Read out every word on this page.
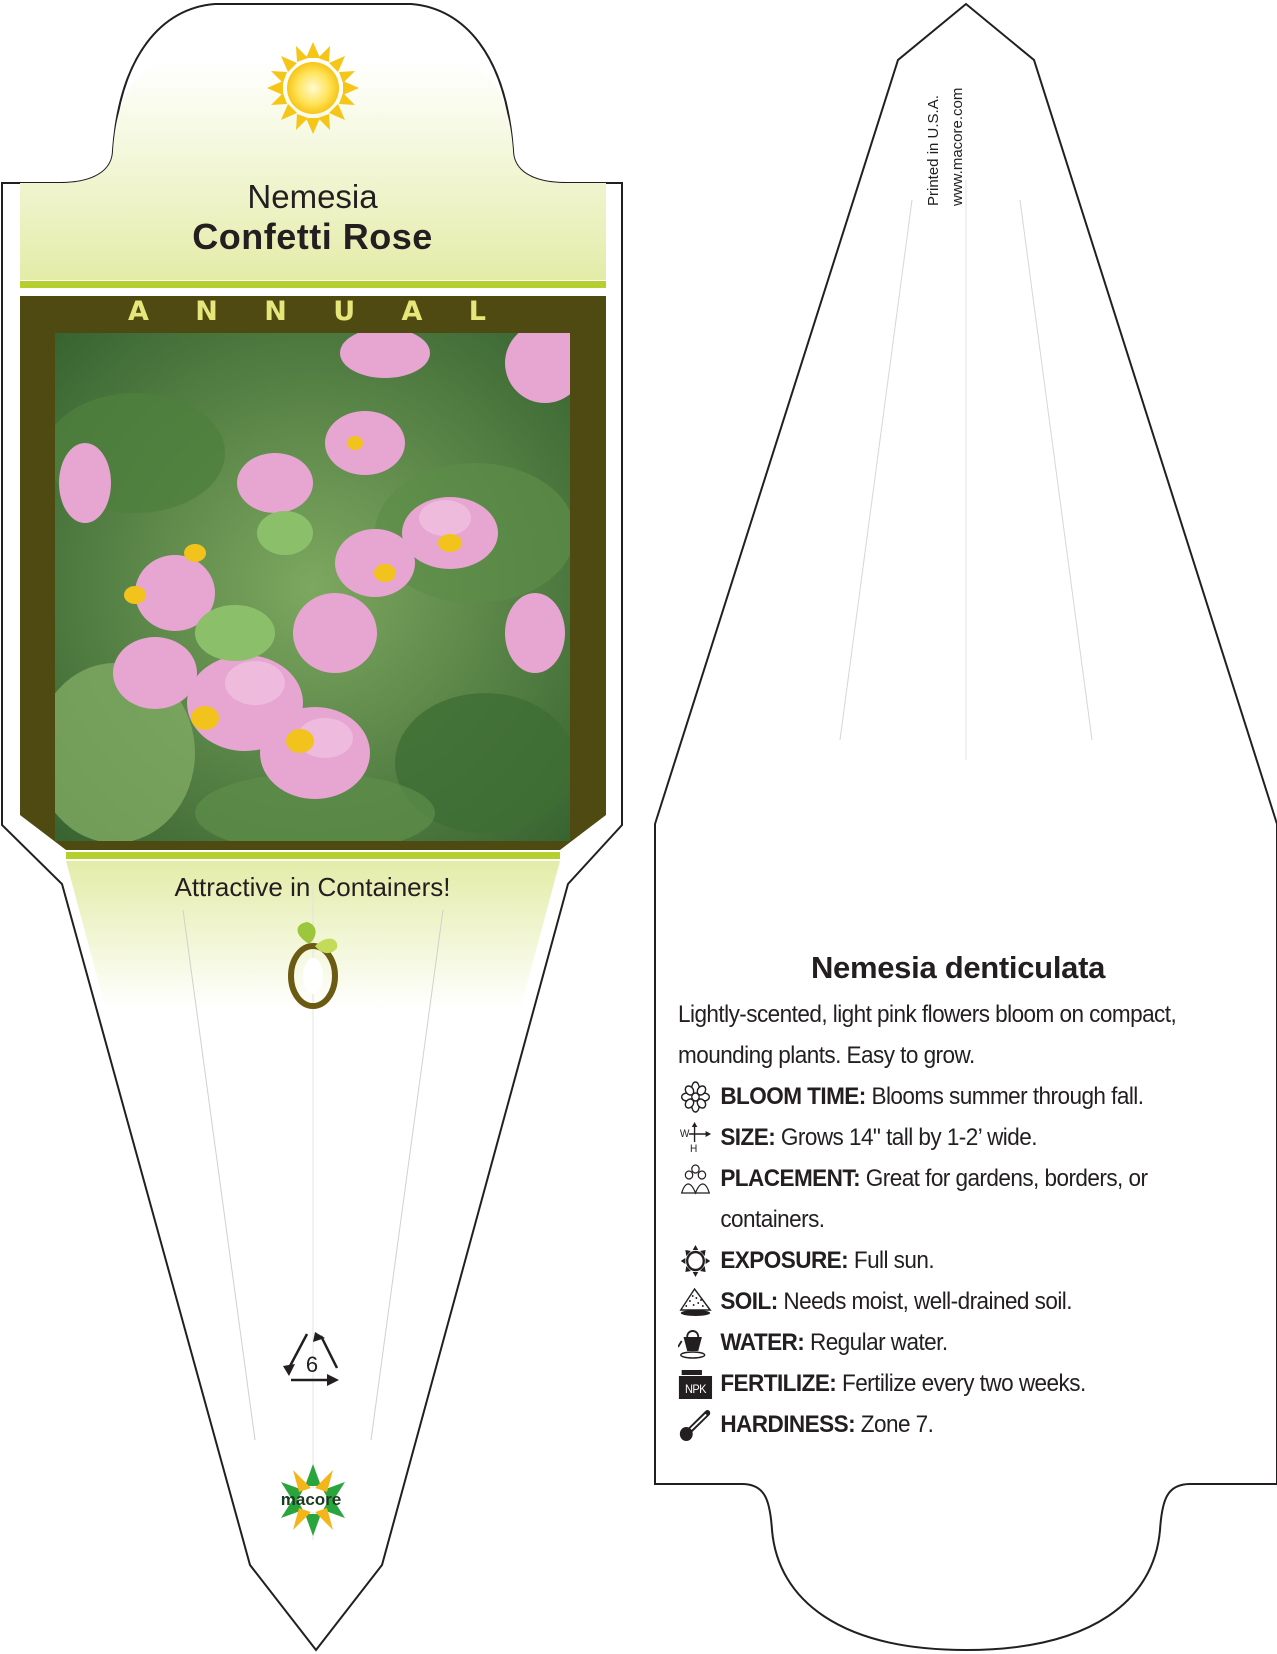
Nemesia
Confetti Rose
A N N U A L
Attractive in Containers!
6
macore
Printed in U.S.A. www.macore.com
Nemesia denticulata
Lightly-scented, light pink flowers bloom on compact, mounding plants. Easy to grow.
BLOOM TIME: Blooms summer through fall.
W
H SIZE: Grows 14" tall by 1-2’ wide.
PLACEMENT: Great for gardens, borders, or containers.
EXPOSURE: Full sun.
SOIL: Needs moist, well-drained soil.
WATER: Regular water.
NPK FERTILIZE: Fertilize every two weeks.
HARDINESS: Zone 7.
